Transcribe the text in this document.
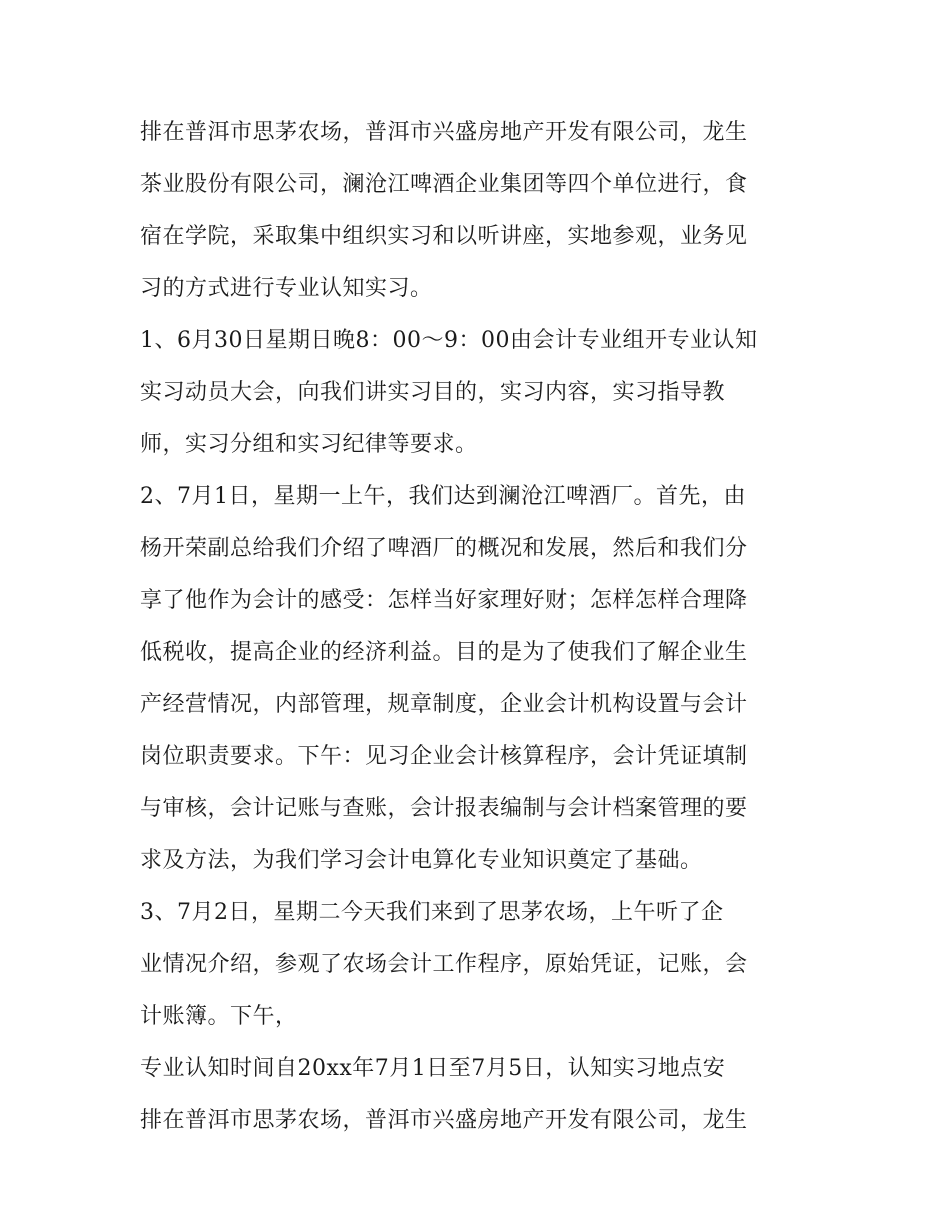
排在普洱市思茅农场，普洱市兴盛房地产开发有限公司，龙生
茶业股份有限公司，澜沧江啤酒企业集团等四个单位进行，食
宿在学院，采取集中组织实习和以听讲座，实地参观，业务见
习的方式进行专业认知实习。
1、6月30日星期日晚8：00～9：00由会计专业组开专业认知
实习动员大会，向我们讲实习目的，实习内容，实习指导教
师，实习分组和实习纪律等要求。
2、7月1日，星期一上午，我们达到澜沧江啤酒厂。首先，由
杨开荣副总给我们介绍了啤酒厂的概况和发展，然后和我们分
享了他作为会计的感受：怎样当好家理好财；怎样怎样合理降
低税收，提高企业的经济利益。目的是为了使我们了解企业生
产经营情况，内部管理，规章制度，企业会计机构设置与会计
岗位职责要求。下午：见习企业会计核算程序，会计凭证填制
与审核，会计记账与查账，会计报表编制与会计档案管理的要
求及方法，为我们学习会计电算化专业知识奠定了基础。
3、7月2日，星期二今天我们来到了思茅农场，上午听了企
业情况介绍，参观了农场会计工作程序，原始凭证，记账，会
计账簿。下午，
专业认知时间自20xx年7月1日至7月5日，认知实习地点安
排在普洱市思茅农场，普洱市兴盛房地产开发有限公司，龙生
